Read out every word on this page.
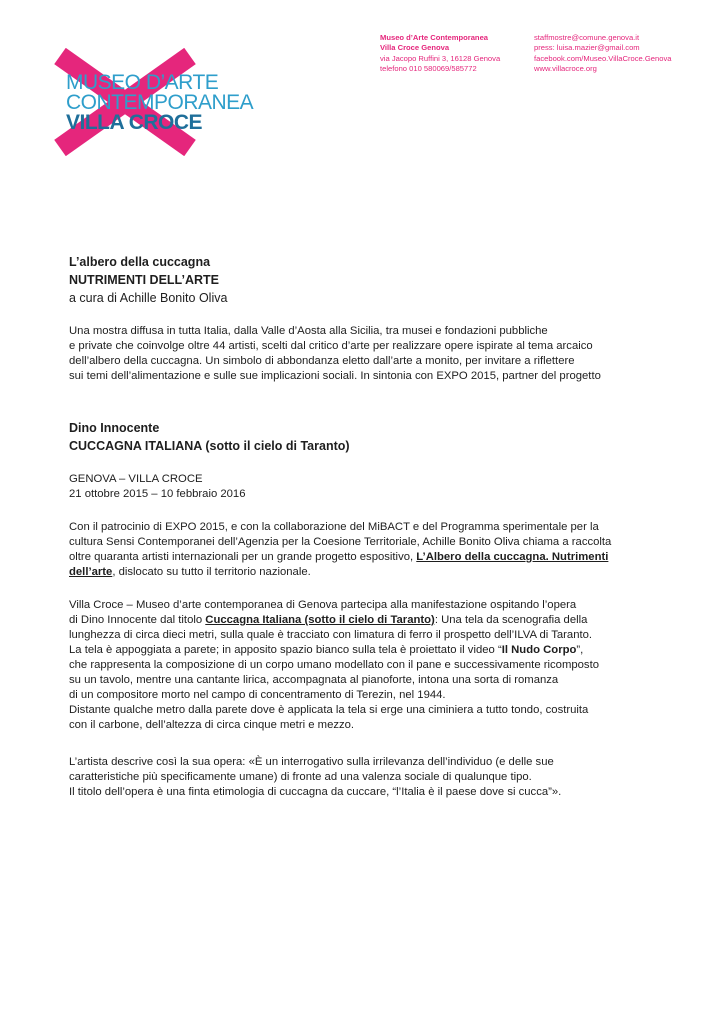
MUSEO D’ARTE
CONTEMPORANEA
VILLA CROCE
Museo d’Arte Contemporanea
Villa Croce Genova
via Jacopo Ruffini 3, 16128 Genova
telefono 010 580069/585772
staffmostre@comune.genova.it
press: luisa.mazier@gmail.com
facebook.com/Museo.VillaCroce.Genova
www.villacroce.org
L’albero della cuccagna
NUTRIMENTI DELL’ARTE
a cura di Achille Bonito Oliva

Una mostra diffusa in tutta Italia, dalla Valle d’Aosta alla Sicilia, tra musei e fondazioni pubbliche

e private che coinvolge oltre 44 artisti, scelti dal critico d’arte per realizzare opere ispirate al tema arcaico

dell’albero della cuccagna. Un simbolo di abbondanza eletto dall’arte a monito, per invitare a riflettere

sui temi dell’alimentazione e sulle sue implicazioni sociali. In sintonia con EXPO 2015, partner del progetto

Dino Innocente
CUCCAGNA ITALIANA (sotto il cielo di Taranto)

GENOVA – VILLA CROCE

21 ottobre 2015 – 10 febbraio 2016

Con il patrocinio di EXPO 2015, e con la collaborazione del MiBACT e del Programma sperimentale per la

cultura Sensi Contemporanei dell’Agenzia per la Coesione Territoriale, Achille Bonito Oliva chiama a raccolta

oltre quaranta artisti internazionali per un grande progetto espositivo, L’Albero della cuccagna. Nutrimenti

dell’arte, dislocato su tutto il territorio nazionale.

Villa Croce – Museo d’arte contemporanea di Genova partecipa alla manifestazione ospitando l’opera

di Dino Innocente dal titolo Cuccagna Italiana (sotto il cielo di Taranto): Una tela da scenografia della

lunghezza di circa dieci metri, sulla quale è tracciato con limatura di ferro il prospetto dell’ILVA di Taranto.

La tela è appoggiata a parete; in apposito spazio bianco sulla tela è proiettato il video “Il Nudo Corpo”,

che rappresenta la composizione di un corpo umano modellato con il pane e successivamente ricomposto

su un tavolo, mentre una cantante lirica, accompagnata al pianoforte, intona una sorta di romanza

di un compositore morto nel campo di concentramento di Terezin, nel 1944.

Distante qualche metro dalla parete dove è applicata la tela si erge una ciminiera a tutto tondo, costruita

con il carbone, dell’altezza di circa cinque metri e mezzo.

L’artista descrive così la sua opera: «È un interrogativo sulla irrilevanza dell’individuo (e delle sue

caratteristiche più specificamente umane) di fronte ad una valenza sociale di qualunque tipo.

Il titolo dell’opera è una finta etimologia di cuccagna da cuccare, “l’Italia è il paese dove si cucca”».
